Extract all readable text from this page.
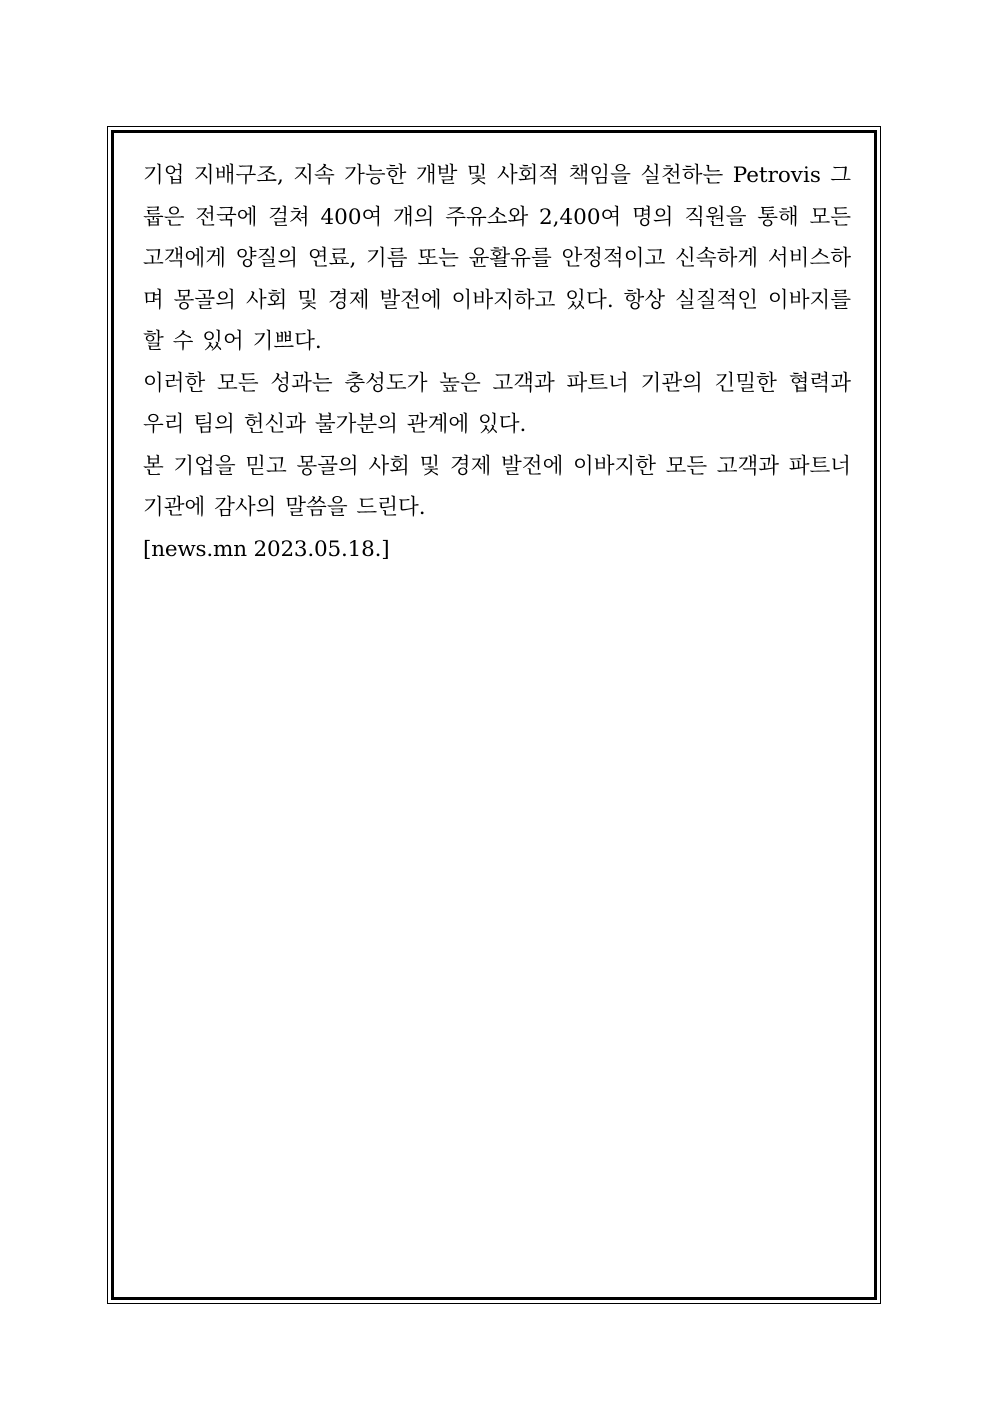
기업 지배구조, 지속 가능한 개발 및 사회적 책임을 실천하는 Petrovis 그룹은 전국에 걸쳐 400여 개의 주유소와 2,400여 명의 직원을 통해 모든 고객에게 양질의 연료, 기름 또는 윤활유를 안정적이고 신속하게 서비스하며 몽골의 사회 및 경제 발전에 이바지하고 있다. 항상 실질적인 이바지를 할 수 있어 기쁘다.

이러한 모든 성과는 충성도가 높은 고객과 파트너 기관의 긴밀한 협력과 우리 팀의 헌신과 불가분의 관계에 있다.

본 기업을 믿고 몽골의 사회 및 경제 발전에 이바지한 모든 고객과 파트너 기관에 감사의 말씀을 드린다.

[news.mn 2023.05.18.]
